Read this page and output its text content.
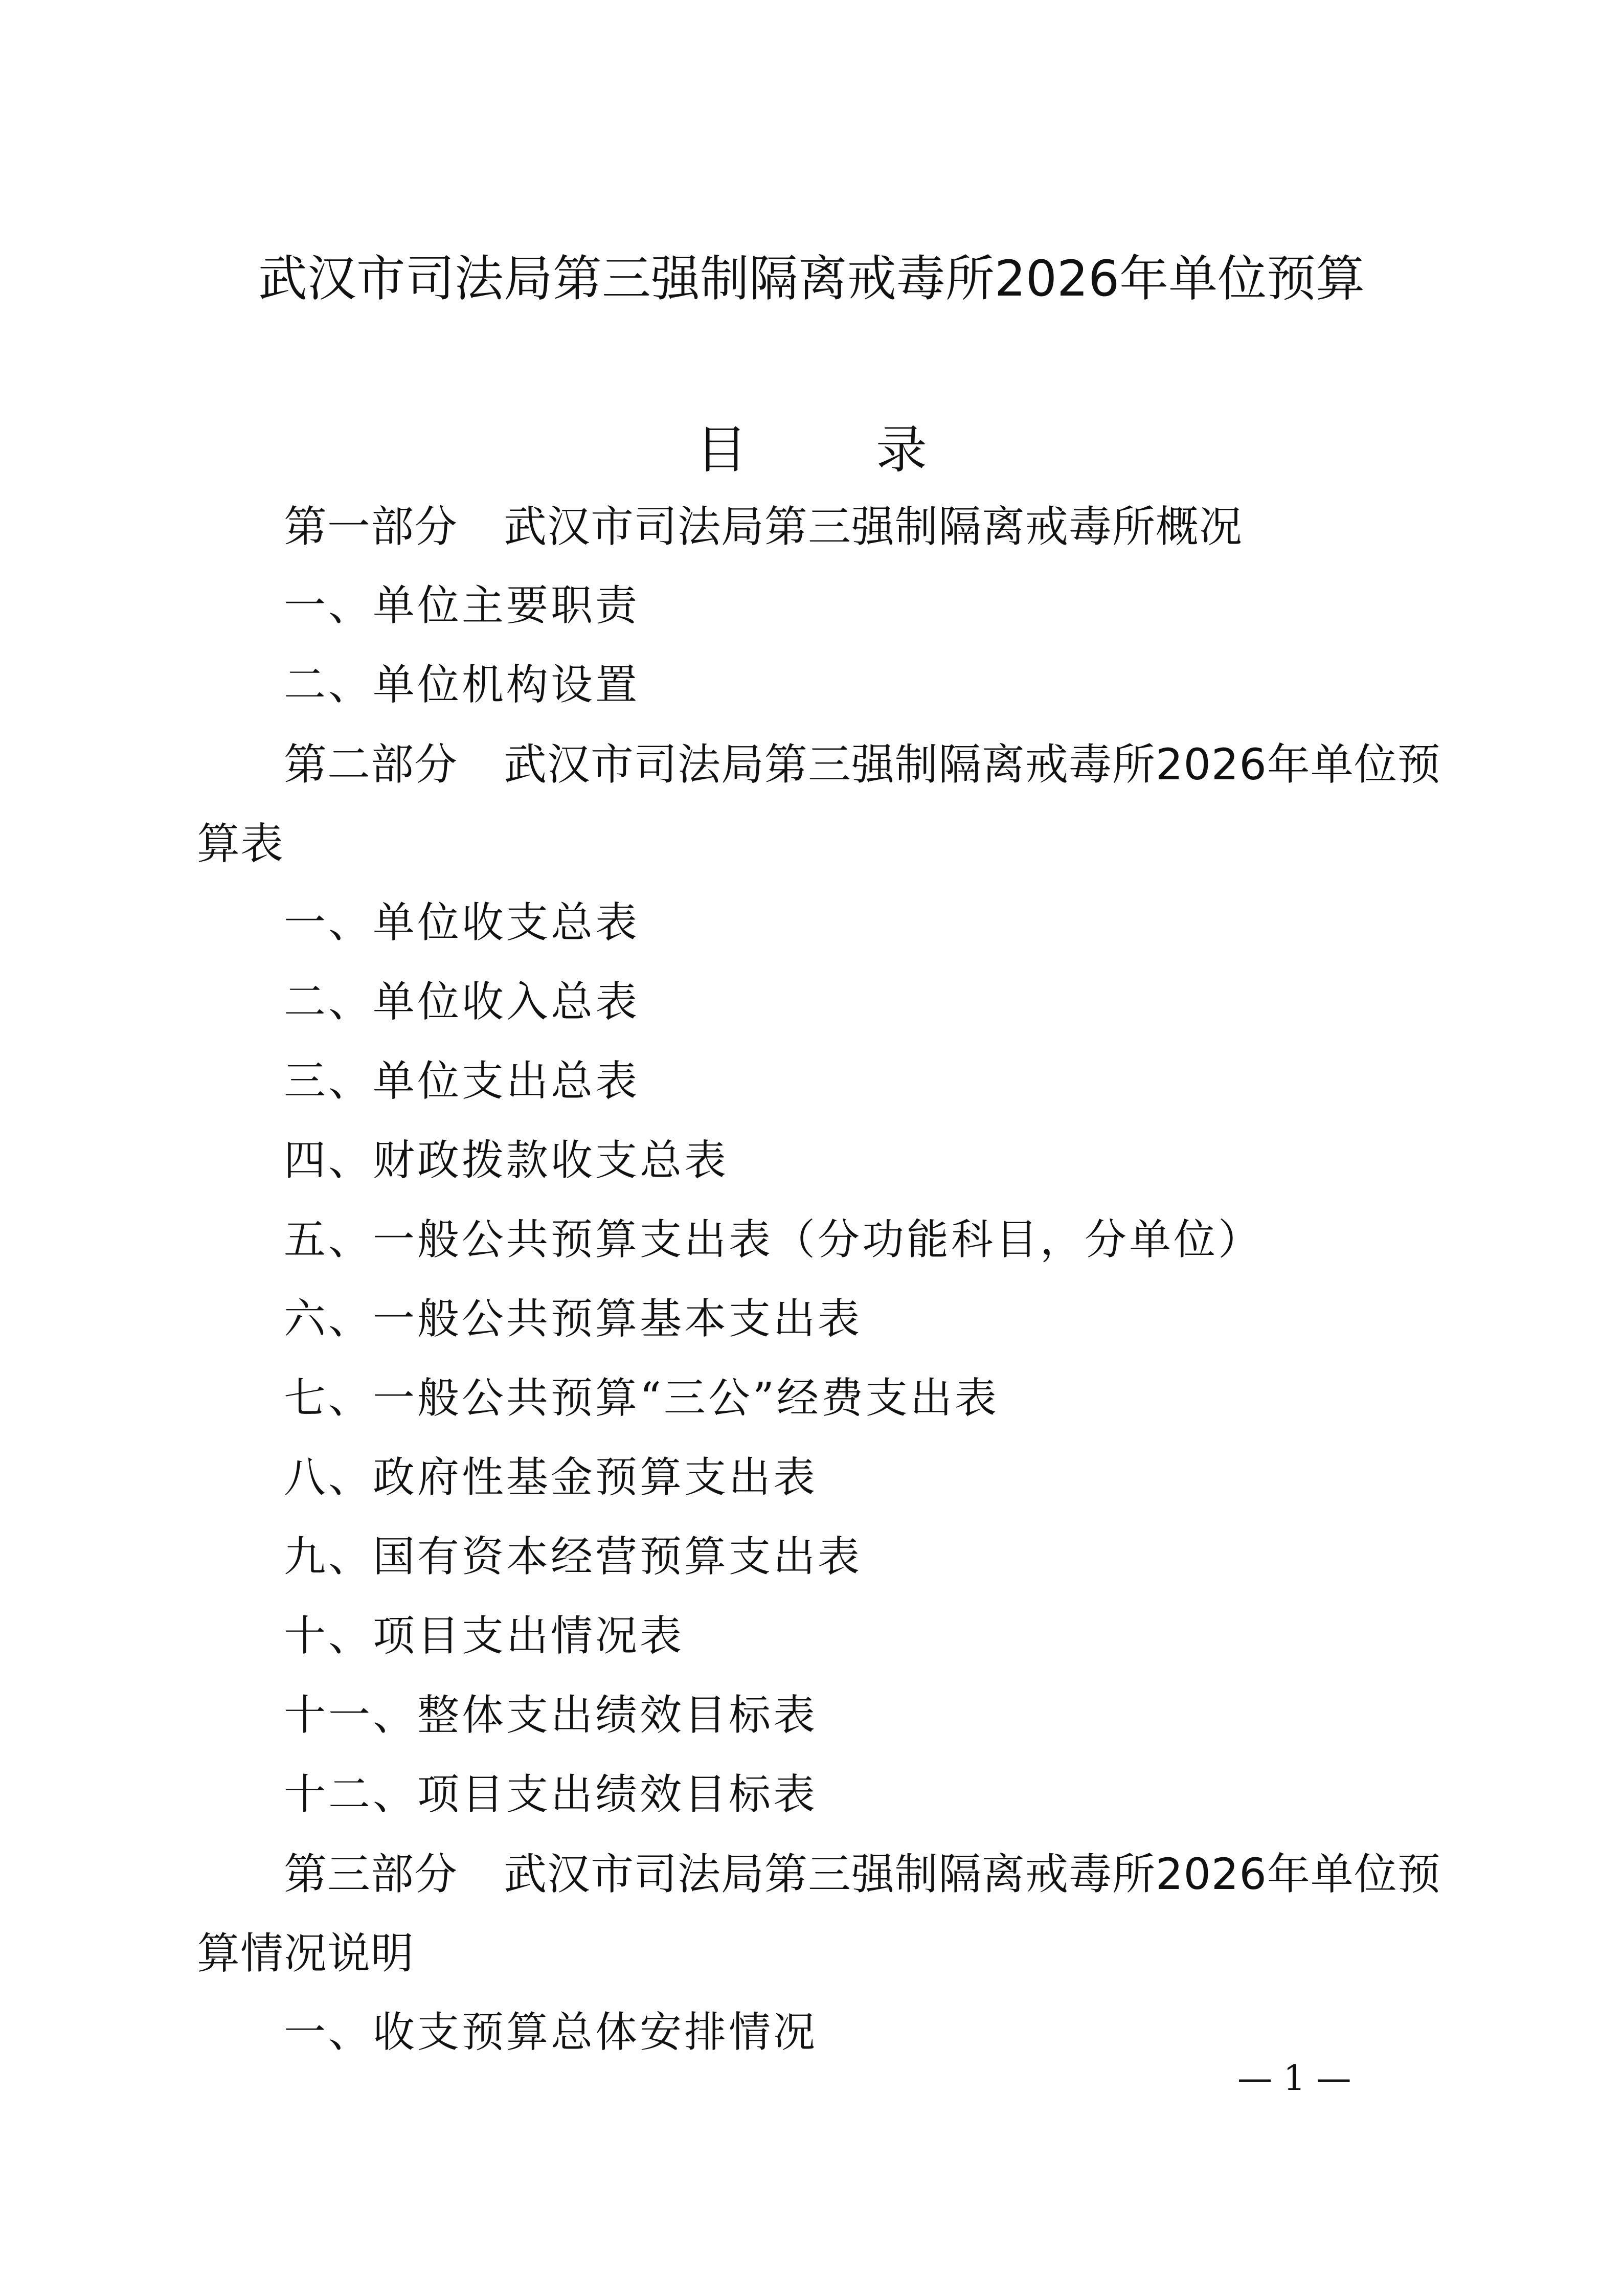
武汉市司法局第三强制隔离戒毒所2026年单位预算
目 录
第一部分 武汉市司法局第三强制隔离戒毒所概况
一、单位主要职责
二、单位机构设置
第二部分 武汉市司法局第三强制隔离戒毒所2026年单位预
算表
一、单位收支总表
二、单位收入总表
三、单位支出总表
四、财政拨款收支总表
五、一般公共预算支出表（分功能科目，分单位）
六、一般公共预算基本支出表
七、一般公共预算“三公”经费支出表
八、政府性基金预算支出表
九、国有资本经营预算支出表
十、项目支出情况表
十一、整体支出绩效目标表
十二、项目支出绩效目标表
第三部分 武汉市司法局第三强制隔离戒毒所2026年单位预
算情况说明
一、收支预算总体安排情况
— 1 —
